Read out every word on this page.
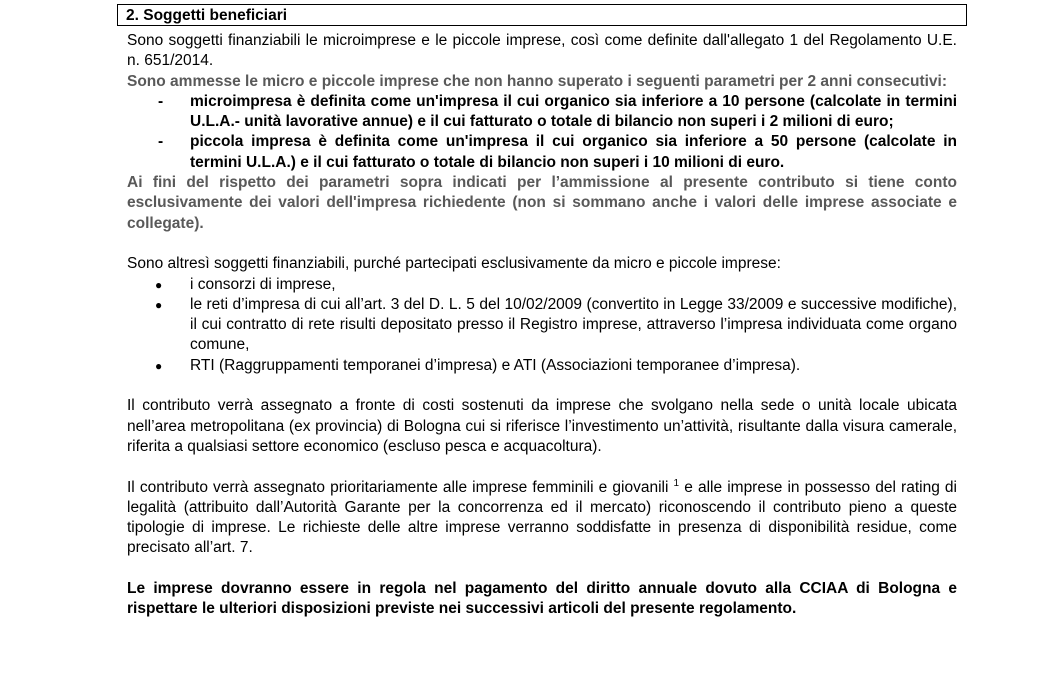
2. Soggetti beneficiari

Sono soggetti finanziabili le microimprese e le piccole imprese, così come definite dall'allegato 1 del Regolamento U.E. n. 651/2014.

Sono ammesse le micro e piccole imprese che non hanno superato i seguenti parametri per 2 anni consecutivi:

- microimpresa è definita come un'impresa il cui organico sia inferiore a 10 persone (calcolate in termini U.L.A.- unità lavorative annue) e il cui fatturato o totale di bilancio non superi i 2 milioni di euro;
- piccola impresa è definita come un'impresa il cui organico sia inferiore a 50 persone (calcolate in termini U.L.A.) e il cui fatturato o totale di bilancio non superi i 10 milioni di euro.

Ai fini del rispetto dei parametri sopra indicati per l’ammissione al presente contributo si tiene conto esclusivamente dei valori dell'impresa richiedente (non si sommano anche i valori delle imprese associate e collegate).

Sono altresì soggetti finanziabili, purché partecipati esclusivamente da micro e piccole imprese:

● i consorzi di imprese,
● le reti d’impresa di cui all’art. 3 del D. L. 5 del 10/02/2009 (convertito in Legge 33/2009 e successive modifiche), il cui contratto di rete risulti depositato presso il Registro imprese, attraverso l’impresa individuata come organo comune,
● RTI (Raggruppamenti temporanei d’impresa) e ATI (Associazioni temporanee d’impresa).

Il contributo verrà assegnato a fronte di costi sostenuti da imprese che svolgano nella sede o unità locale ubicata nell’area metropolitana (ex provincia) di Bologna cui si riferisce l’investimento un’attività, risultante dalla visura camerale, riferita a qualsiasi settore economico (escluso pesca e acquacoltura).

Il contributo verrà assegnato prioritariamente alle imprese femminili e giovanili $^1$ e alle imprese in possesso del rating di legalità (attribuito dall’Autorità Garante per la concorrenza ed il mercato) riconoscendo il contributo pieno a queste tipologie di imprese. Le richieste delle altre imprese verranno soddisfatte in presenza di disponibilità residue, come precisato all’art. 7.

Le imprese dovranno essere in regola nel pagamento del diritto annuale dovuto alla CCIAA di Bologna e rispettare le ulteriori disposizioni previste nei successivi articoli del presente regolamento.
